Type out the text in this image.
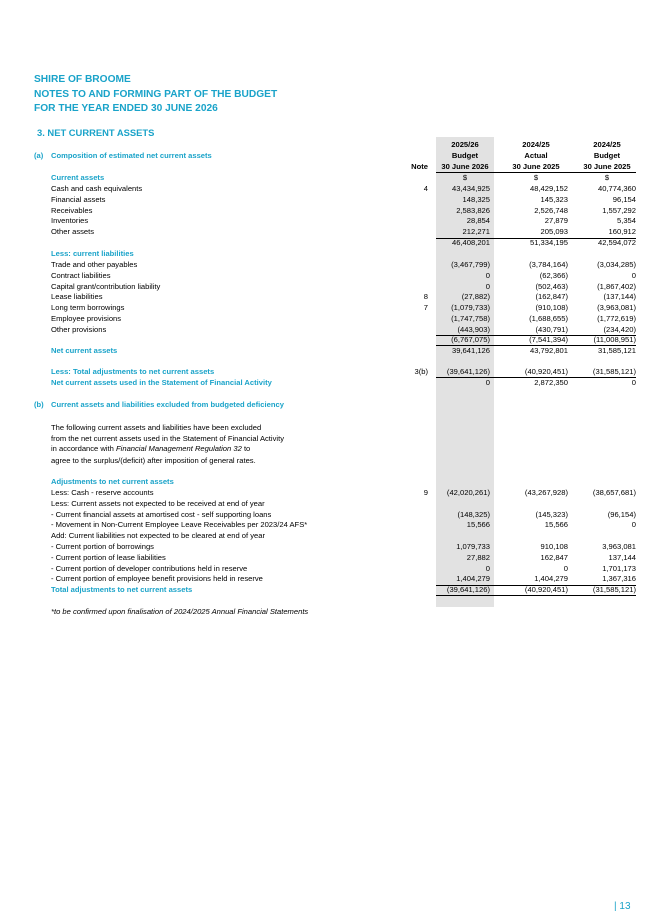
SHIRE OF BROOME
NOTES TO AND FORMING PART OF THE BUDGET
FOR THE YEAR ENDED 30 JUNE 2026
3. NET CURRENT ASSETS
2025/26	2024/25	2024/25
(a) Composition of estimated net current assets	Budget	Actual	Budget
Note	30 June 2026	30 June 2025	30 June 2025
Current assets	$	$	$
Cash and cash equivalents	4	43,434,925	48,429,152	40,774,360
Financial assets	148,325	145,323	96,154
Receivables	2,583,826	2,526,748	1,557,292
Inventories	28,854	27,879	5,354
Other assets	212,271	205,093	160,912
46,408,201	51,334,195	42,594,072
Less: current liabilities
Trade and other payables	(3,467,799)	(3,784,164)	(3,034,285)
Contract liabilities	0	(62,366)	0
Capital grant/contribution liability	0	(502,463)	(1,867,402)
Lease liabilities	8	(27,882)	(162,847)	(137,144)
Long term borrowings	7	(1,079,733)	(910,108)	(3,963,081)
Employee provisions	(1,747,758)	(1,688,655)	(1,772,619)
Other provisions	(443,903)	(430,791)	(234,420)
(6,767,075)	(7,541,394)	(11,008,951)
Net current assets	39,641,126	43,792,801	31,585,121
Less: Total adjustments to net current assets	3(b)	(39,641,126)	(40,920,451)	(31,585,121)
Net current assets used in the Statement of Financial Activity	0	2,872,350	0
(b) Current assets and liabilities excluded from budgeted deficiency
The following current assets and liabilities have been excluded
from the net current assets used in the Statement of Financial Activity
in accordance with Financial Management Regulation 32 to
agree to the surplus/(deficit) after imposition of general rates.
Adjustments to net current assets
Less: Cash - reserve accounts	9	(42,020,261)	(43,267,928)	(38,657,681)
Less: Current assets not expected to be received at end of year
- Current financial assets at amortised cost - self supporting loans	(148,325)	(145,323)	(96,154)
- Movement in Non-Current Employee Leave Receivables per 2023/24 AFS*	15,566	15,566	0
Add: Current liabilities not expected to be cleared at end of year
- Current portion of borrowings	1,079,733	910,108	3,963,081
- Current portion of lease liabilities	27,882	162,847	137,144
- Current portion of developer contributions held in reserve	0	0	1,701,173
- Current portion of employee benefit provisions held in reserve	1,404,279	1,404,279	1,367,316
Total adjustments to net current assets	(39,641,126)	(40,920,451)	(31,585,121)
*to be confirmed upon finalisation of 2024/2025 Annual Financial Statements
| 13
